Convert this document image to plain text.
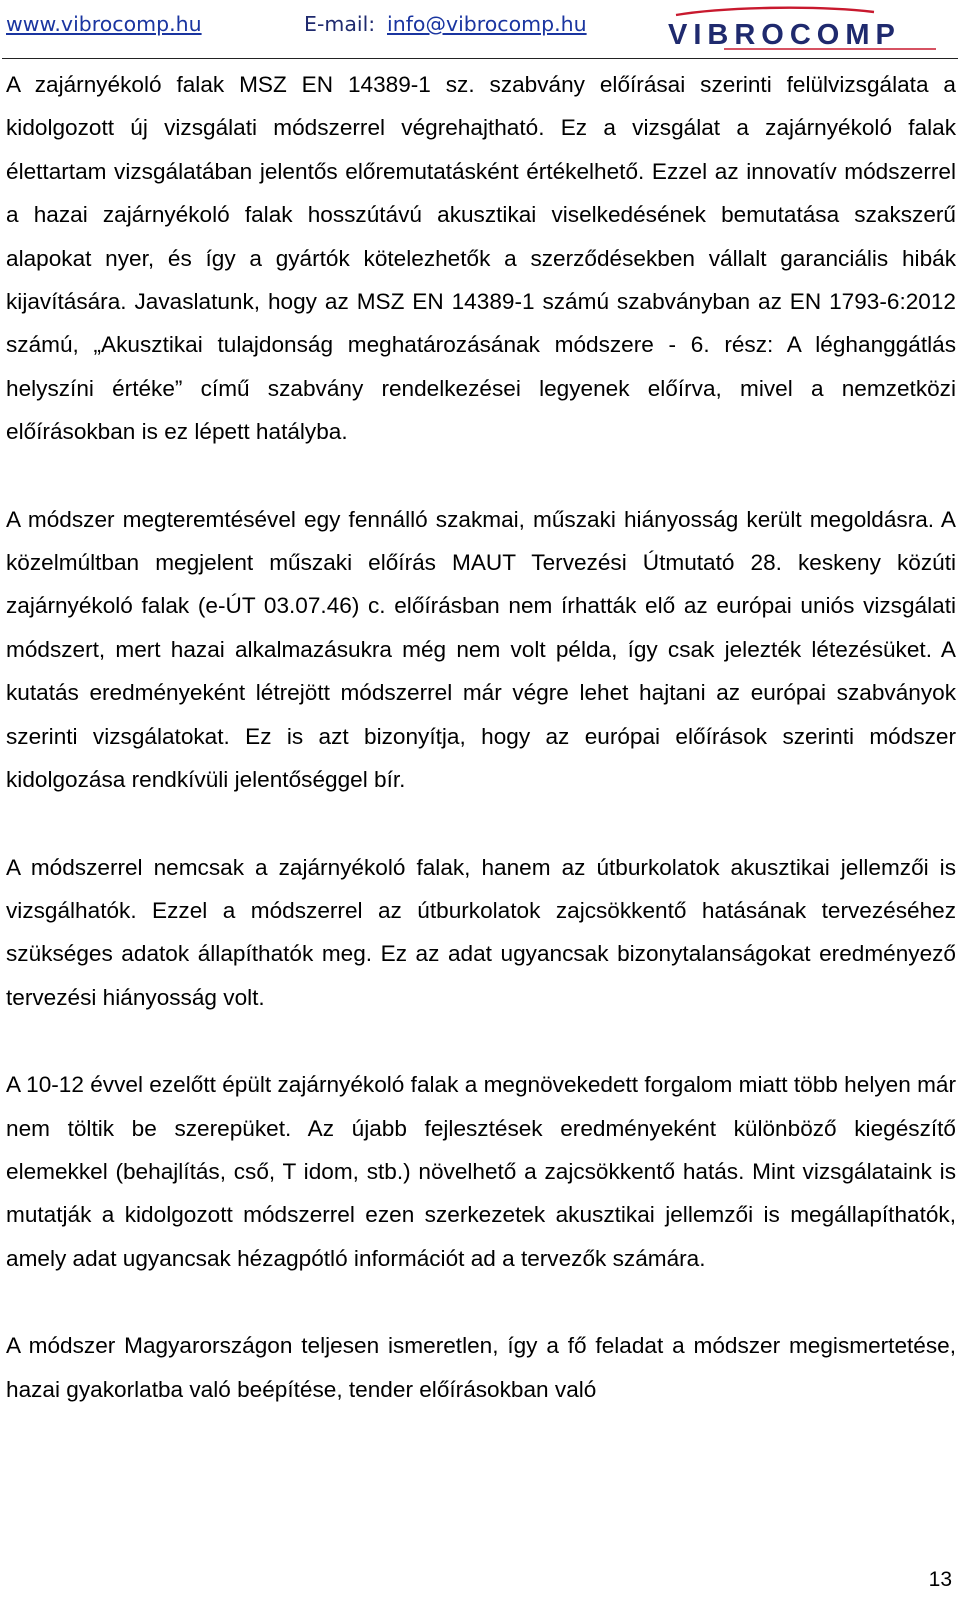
www.vibrocomp.hu	E-mail: info@vibrocomp.hu	VIBROCOMP

A zajárnyékoló falak MSZ EN 14389-1 sz. szabvány előírásai szerinti felülvizsgálata a kidolgozott új vizsgálati módszerrel végrehajtható. Ez a vizsgálat a zajárnyékoló falak élettartam vizsgálatában jelentős előremutatásként értékelhető. Ezzel az innovatív módszerrel a hazai zajárnyékoló falak hosszútávú akusztikai viselkedésének bemutatása szakszerű alapokat nyer, és így a gyártók kötelezhetők a szerződésekben vállalt garanciális hibák kijavítására. Javaslatunk, hogy az MSZ EN 14389-1 számú szabványban az EN 1793-6:2012 számú, „Akusztikai tulajdonság meghatározásának módszere - 6. rész: A léghanggátlás helyszíni értéke” című szabvány rendelkezései legyenek előírva, mivel a nemzetközi előírásokban is ez lépett hatályba.

A módszer megteremtésével egy fennálló szakmai, műszaki hiányosság került megoldásra. A közelmúltban megjelent műszaki előírás MAUT Tervezési Útmutató 28. keskeny közúti zajárnyékoló falak (e-ÚT 03.07.46) c. előírásban nem írhatták elő az európai uniós vizsgálati módszert, mert hazai alkalmazásukra még nem volt példa, így csak jelezték létezésüket. A kutatás eredményeként létrejött módszerrel már végre lehet hajtani az európai szabványok szerinti vizsgálatokat. Ez is azt bizonyítja, hogy az európai előírások szerinti módszer kidolgozása rendkívüli jelentőséggel bír.

A módszerrel nemcsak a zajárnyékoló falak, hanem az útburkolatok akusztikai jellemzői is vizsgálhatók. Ezzel a módszerrel az útburkolatok zajcsökkentő hatásának tervezéséhez szükséges adatok állapíthatók meg. Ez az adat ugyancsak bizonytalanságokat eredményező tervezési hiányosság volt.

A 10-12 évvel ezelőtt épült zajárnyékoló falak a megnövekedett forgalom miatt több helyen már nem töltik be szerepüket. Az újabb fejlesztések eredményeként különböző kiegészítő elemekkel (behajlítás, cső, T idom, stb.) növelhető a zajcsökkentő hatás. Mint vizsgálataink is mutatják a kidolgozott módszerrel ezen szerkezetek akusztikai jellemzői is megállapíthatók, amely adat ugyancsak hézagpótló információt ad a tervezők számára.

A módszer Magyarországon teljesen ismeretlen, így a fő feladat a módszer megismertetése, hazai gyakorlatba való beépítése, tender előírásokban való

13
